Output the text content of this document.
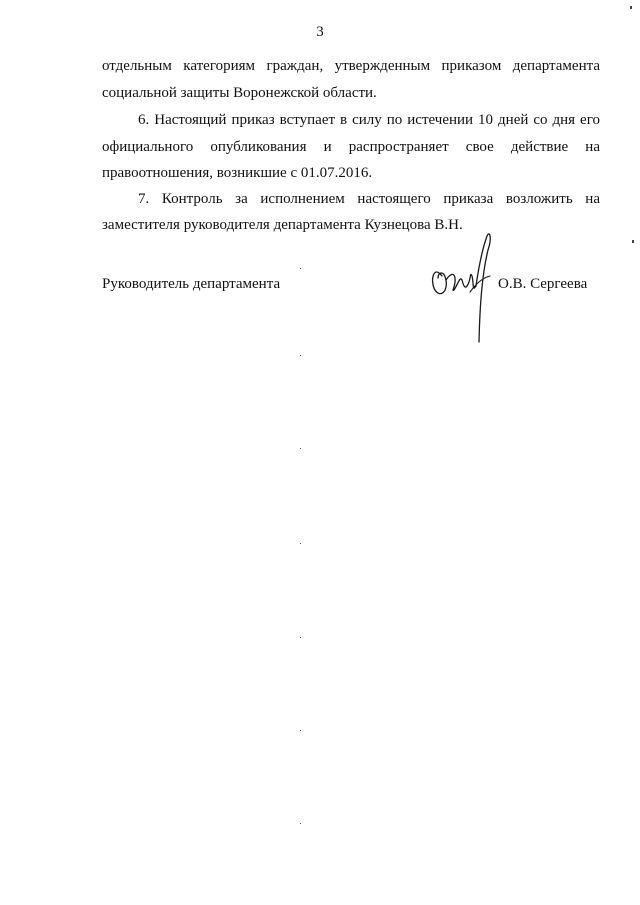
3
отдельным категориям граждан, утвержденным приказом департамента
социальной защиты Воронежской области.
6. Настоящий приказ вступает в силу по истечении 10 дней со дня его
официального опубликования и распространяет свое действие на
правоотношения, возникшие с 01.07.2016.
7. Контроль за исполнением настоящего приказа возложить на
заместителя руководителя департамента Кузнецова В.Н.
Руководитель департамента	О.В. Сергеева
